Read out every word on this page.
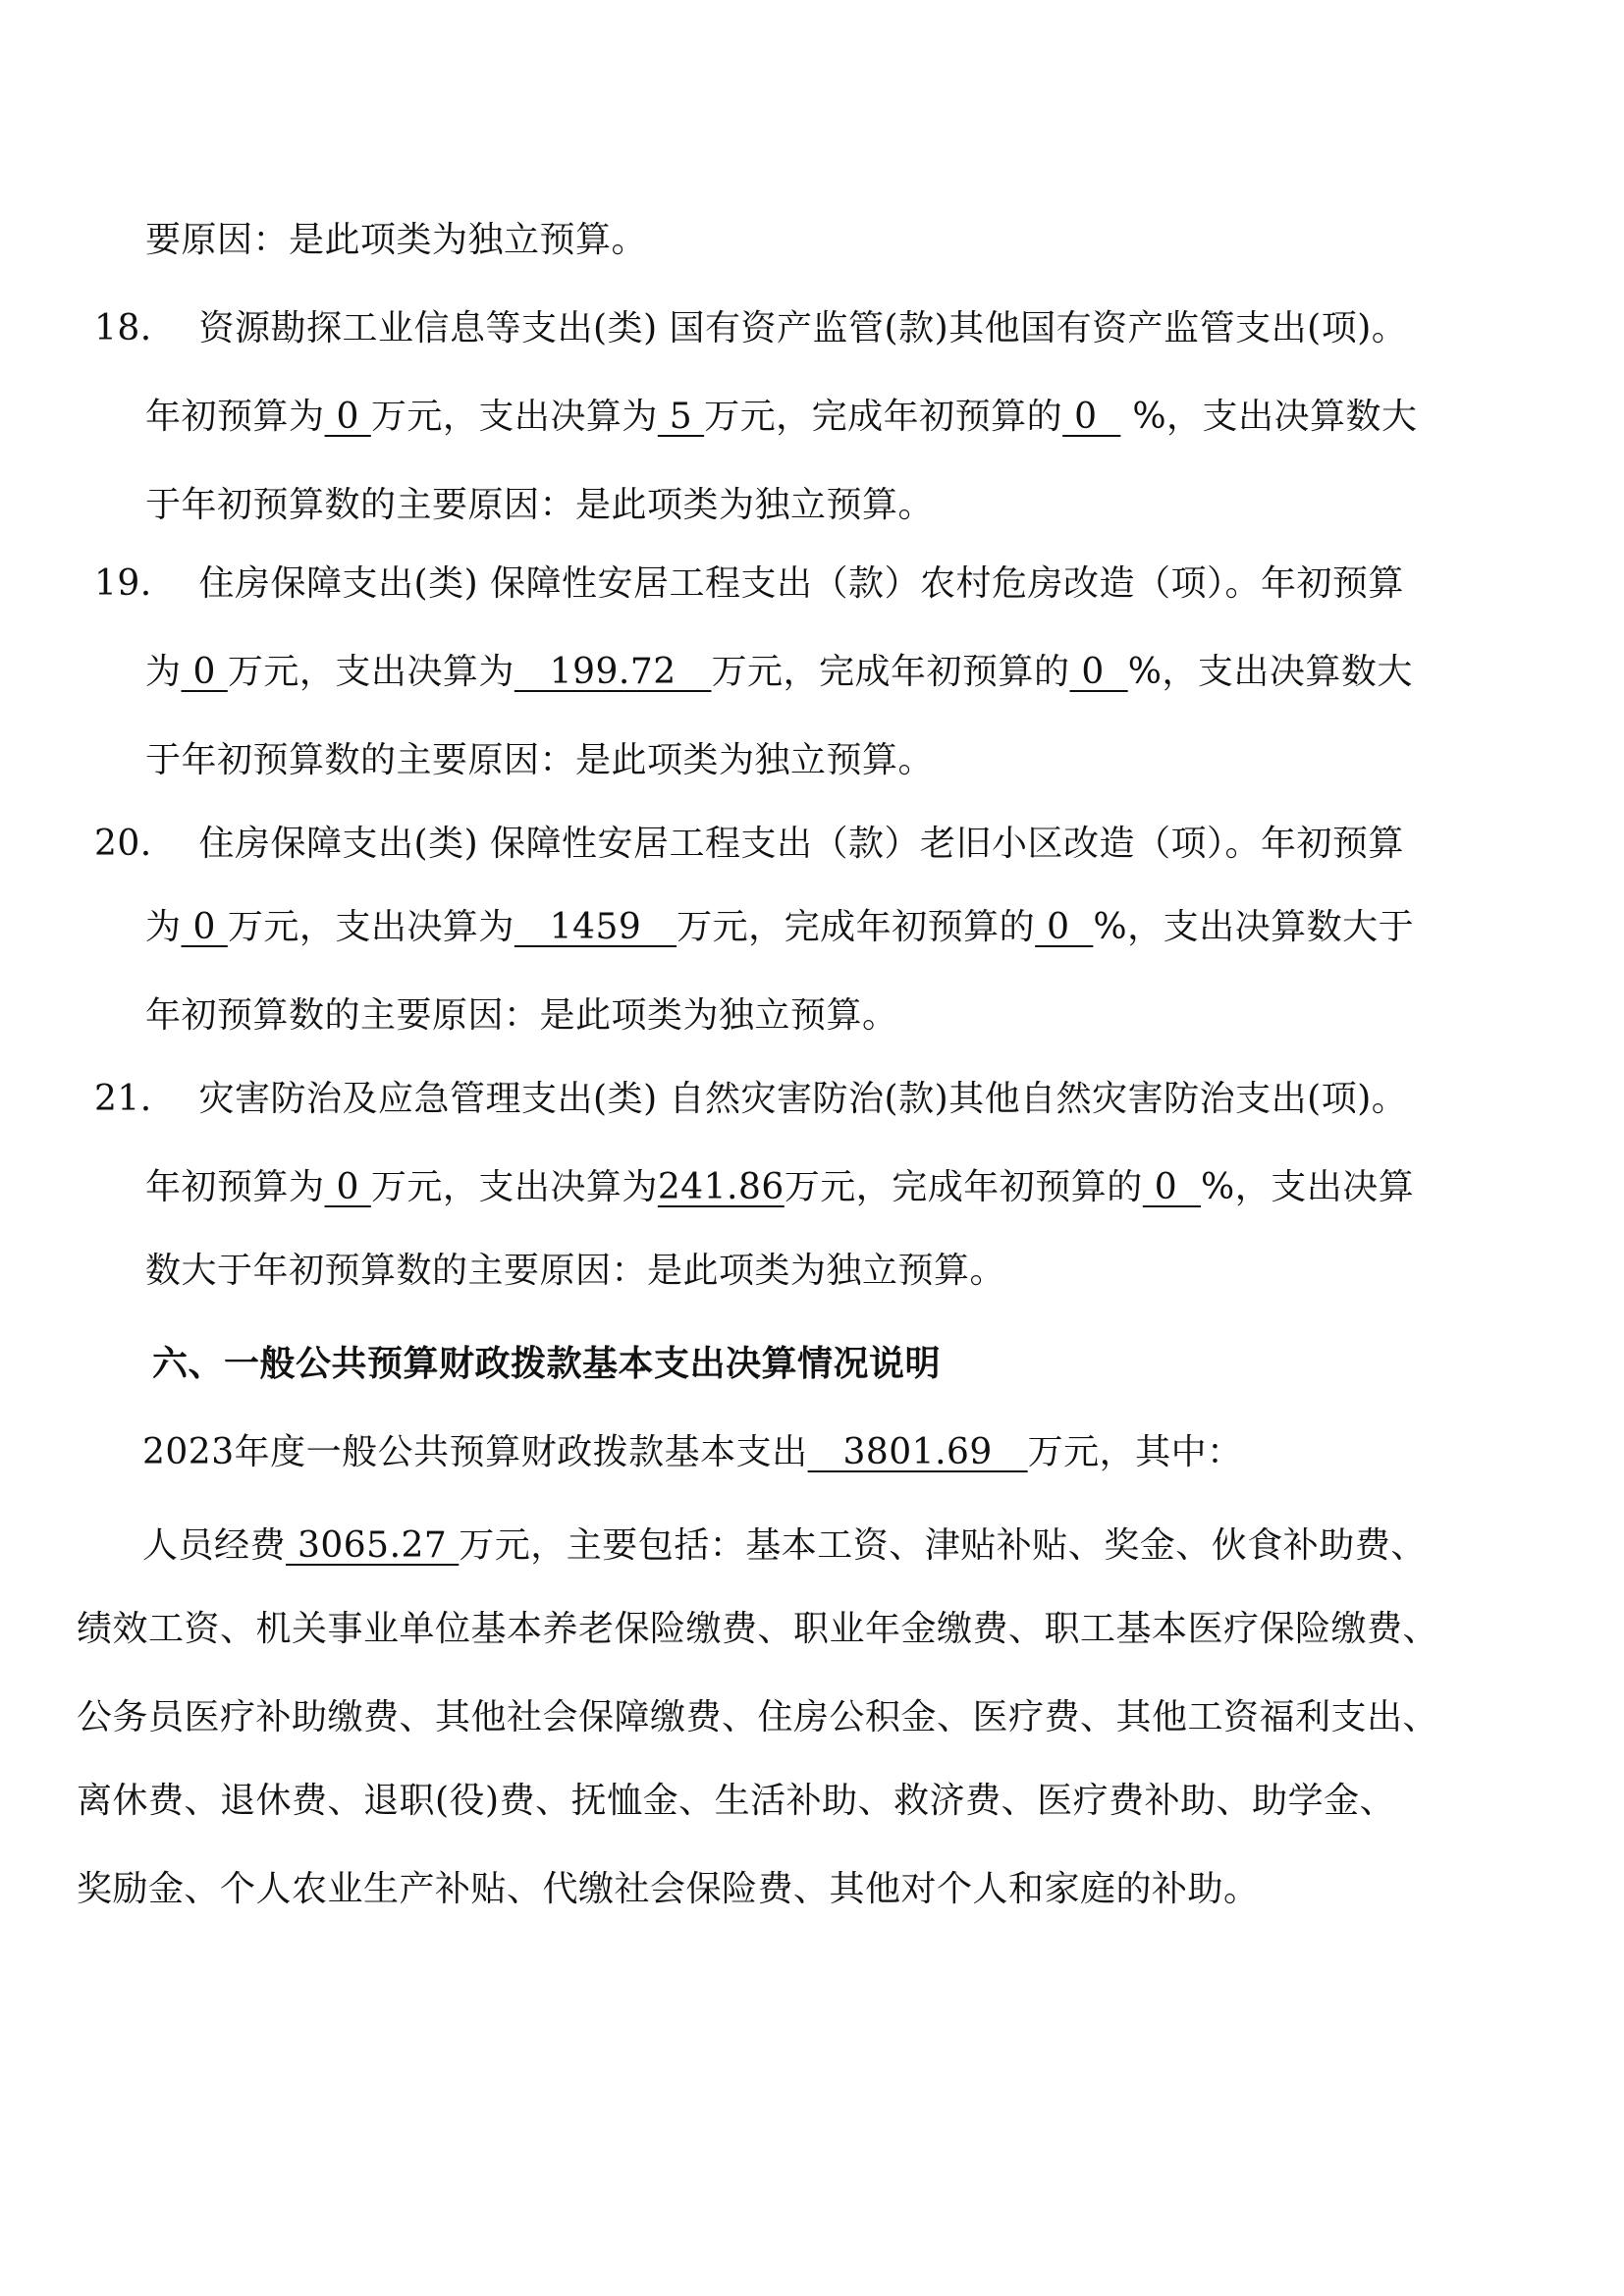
要原因：是此项类为独立预算。
18.    资源勘探工业信息等支出(类) 国有资产监管(款)其他国有资产监管支出(项)。
年初预算为 0 万元，支出决算为 5 万元，完成年初预算的 0   %，支出决算数大
于年初预算数的主要原因：是此项类为独立预算。
19.    住房保障支出(类) 保障性安居工程支出（款）农村危房改造（项）。年初预算
为 0 万元，支出决算为   199.72   万元，完成年初预算的 0  %，支出决算数大
于年初预算数的主要原因：是此项类为独立预算。
20.    住房保障支出(类) 保障性安居工程支出（款）老旧小区改造（项）。年初预算
为 0 万元，支出决算为   1459   万元，完成年初预算的 0  %，支出决算数大于
年初预算数的主要原因：是此项类为独立预算。
21.    灾害防治及应急管理支出(类) 自然灾害防治(款)其他自然灾害防治支出(项)。
年初预算为 0 万元，支出决算为241.86万元，完成年初预算的 0  %，支出决算
数大于年初预算数的主要原因：是此项类为独立预算。
六、一般公共预算财政拨款基本支出决算情况说明
2023年度一般公共预算财政拨款基本支出   3801.69   万元，其中：
人员经费 3065.27 万元，主要包括：基本工资、津贴补贴、奖金、伙食补助费、
绩效工资、机关事业单位基本养老保险缴费、职业年金缴费、职工基本医疗保险缴费、
公务员医疗补助缴费、其他社会保障缴费、住房公积金、医疗费、其他工资福利支出、
离休费、退休费、退职(役)费、抚恤金、生活补助、救济费、医疗费补助、助学金、
奖励金、个人农业生产补贴、代缴社会保险费、其他对个人和家庭的补助。
